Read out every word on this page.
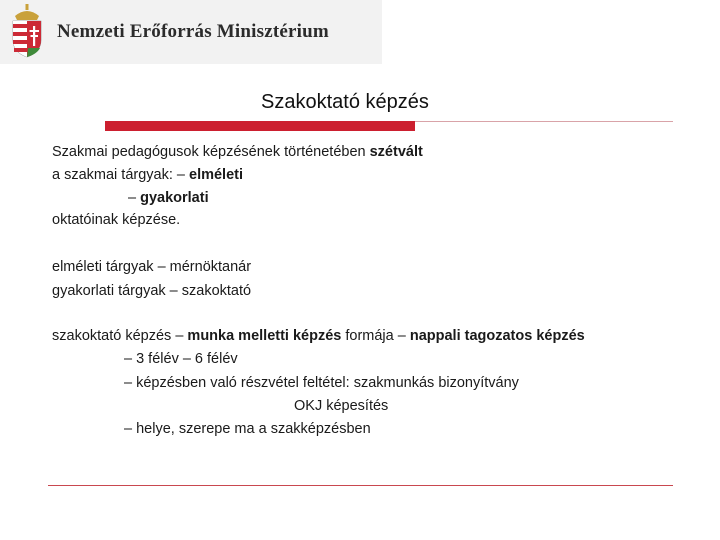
Nemzeti Erőforrás Minisztérium
Szakoktató képzés
Szakmai pedagógusok képzésének történetében szétvált
a szakmai tárgyak: – elméleti
– gyakorlati
oktatóinak képzése.
elméleti tárgyak – mérnöktanár
gyakorlati tárgyak – szakoktató
szakoktató képzés – munka melletti képzés formája – nappali tagozatos képzés
– 3 félév – 6 félév
– képzésben való részvétel feltétel: szakmunkás bizonyítvány
OKJ képesítés
– helye, szerepe ma a szakképzésben
